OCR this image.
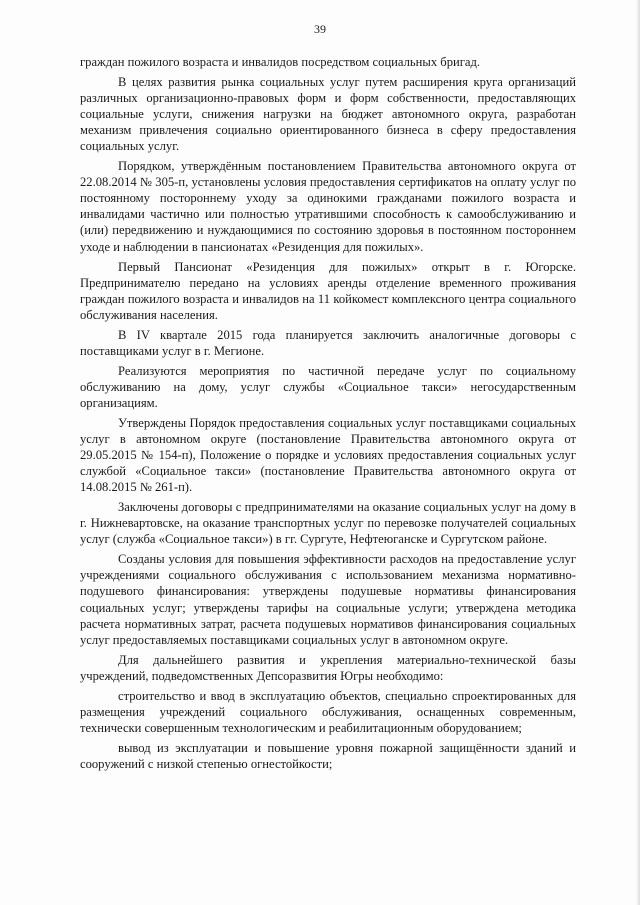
39

граждан пожилого возраста и инвалидов посредством социальных бригад.

В целях развития рынка социальных услуг путем расширения круга организаций различных организационно-правовых форм и форм собственности, предоставляющих социальные услуги, снижения нагрузки на бюджет автономного округа, разработан механизм привлечения социально ориентированного бизнеса в сферу предоставления социальных услуг.

Порядком, утверждённым постановлением Правительства автономного округа от 22.08.2014 № 305-п, установлены условия предоставления сертификатов на оплату услуг по постоянному постороннему уходу за одинокими гражданами пожилого возраста и инвалидами частично или полностью утратившими способность к самообслуживанию и (или) передвижению и нуждающимися по состоянию здоровья в постоянном постороннем уходе и наблюдении в пансионатах «Резиденция для пожилых».

Первый Пансионат «Резиденция для пожилых» открыт в г. Югорске. Предпринимателю передано на условиях аренды отделение временного проживания граждан пожилого возраста и инвалидов на 11 койкомест комплексного центра социального обслуживания населения.

В IV квартале 2015 года планируется заключить аналогичные договоры с поставщиками услуг в г. Мегионе.

Реализуются мероприятия по частичной передаче услуг по социальному обслуживанию на дому, услуг службы «Социальное такси» негосударственным организациям.

Утверждены Порядок предоставления социальных услуг поставщиками социальных услуг в автономном округе (постановление Правительства автономного округа от 29.05.2015 № 154-п), Положение о порядке и условиях предоставления социальных услуг службой «Социальное такси» (постановление Правительства автономного округа от 14.08.2015 № 261-п).

Заключены договоры с предпринимателями на оказание социальных услуг на дому в г. Нижневартовске, на оказание транспортных услуг по перевозке получателей социальных услуг (служба «Социальное такси») в гг. Сургуте, Нефтеюганске и Сургутском районе.

Созданы условия для повышения эффективности расходов на предоставление услуг учреждениями социального обслуживания с использованием механизма нормативно-подушевого финансирования: утверждены подушевые нормативы финансирования социальных услуг; утверждены тарифы на социальные услуги; утверждена методика расчета нормативных затрат, расчета подушевых нормативов финансирования социальных услуг предоставляемых поставщиками социальных услуг в автономном округе.

Для дальнейшего развития и укрепления материально-технической базы учреждений, подведомственных Депсоразвития Югры необходимо:

строительство и ввод в эксплуатацию объектов, специально спроектированных для размещения учреждений социального обслуживания, оснащенных современным, технически совершенным технологическим и реабилитационным оборудованием;

вывод из эксплуатации и повышение уровня пожарной защищённости зданий и сооружений с низкой степенью огнестойкости;
